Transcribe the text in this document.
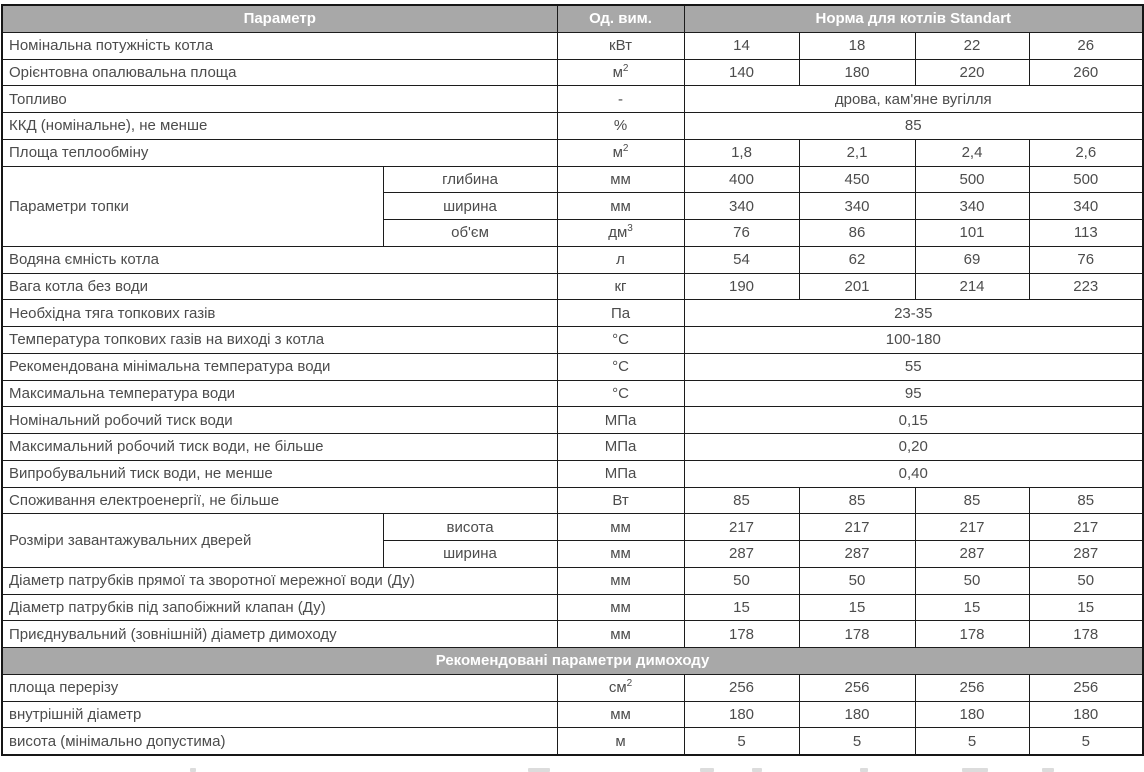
Параметр		Од. вим.	Норма для котлів Standart			
Номінальна потужність котла		кВт	14	18	22	26
Орієнтовна опалювальна площа		$м^2$	140	180	220	260
Топливо		-	дрова, кам'яне вугілля			
ККД (номінальне), не менше		%	85			
Площа теплообміну		$м^2$	1,8	2,1	2,4	2,6
Параметри топки	глибина	мм	400	450	500	500
	ширина	мм	340	340	340	340
	об'єм	$дм^3$	76	86	101	113
Водяна ємність котла		л	54	62	69	76
Вага котла без води		кг	190	201	214	223
Необхідна тяга топкових газів		Па	23-35			
Температура топкових газів на виході з котла		°С	100-180			
Рекомендована мінімальна температура води		°С	55			
Максимальна температура води		°С	95			
Номінальний робочий тиск води		МПа	0,15			
Максимальний робочий тиск води, не більше		МПа	0,20			
Випробувальний тиск води, не менше		МПа	0,40			
Споживання електроенергії, не більше		Вт	85	85	85	85
Розміри завантажувальних дверей	висота	мм	217	217	217	217
	ширина	мм	287	287	287	287
Діаметр патрубків прямої та зворотної мережної води (Ду)		мм	50	50	50	50
Діаметр патрубків під запобіжний клапан (Ду)		мм	15	15	15	15
Приєднувальний (зовнішній) діаметр димоходу		мм	178	178	178	178
Рекомендовані параметри димоходу						
площа перерізу		$см^2$	256	256	256	256
внутрішній діаметр		мм	180	180	180	180
висота (мінімально допустима)		м	5	5	5	5
